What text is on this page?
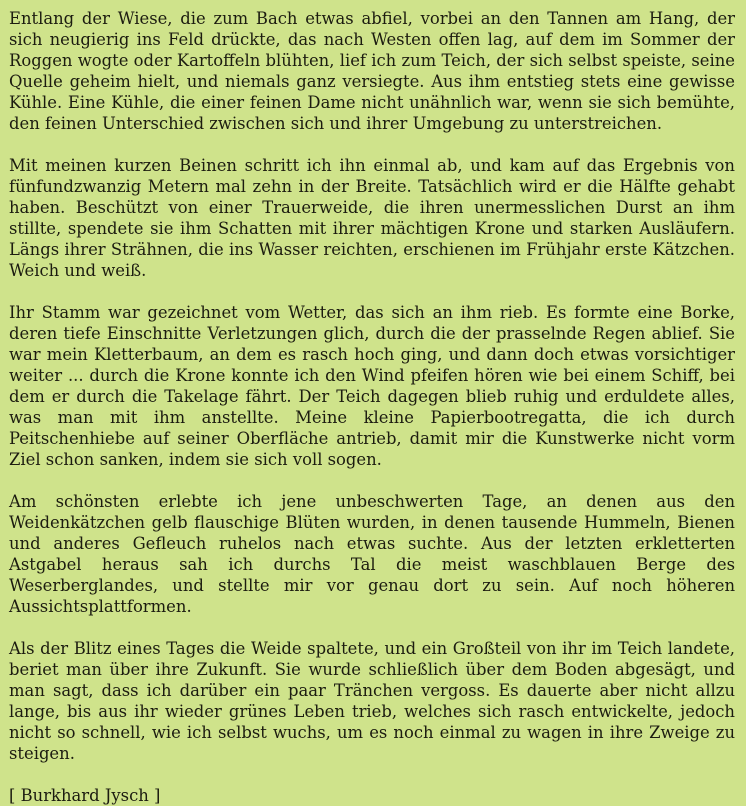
Entlang der Wiese, die zum Bach etwas abfiel, vorbei an den Tannen am Hang, der sich neugierig ins Feld drückte, das nach Westen offen lag, auf dem im Sommer der Roggen wogte oder Kartoffeln blühten, lief ich zum Teich, der sich selbst speiste, seine Quelle geheim hielt, und niemals ganz versiegte. Aus ihm entstieg stets eine gewisse Kühle. Eine Kühle, die einer feinen Dame nicht unähnlich war, wenn sie sich bemühte, den feinen Unterschied zwischen sich und ihrer Umgebung zu unterstreichen.

Mit meinen kurzen Beinen schritt ich ihn einmal ab, und kam auf das Ergebnis von fünfundzwanzig Metern mal zehn in der Breite. Tatsächlich wird er die Hälfte gehabt haben. Beschützt von einer Trauerweide, die ihren unermesslichen Durst an ihm stillte, spendete sie ihm Schatten mit ihrer mächtigen Krone und starken Ausläufern. Längs ihrer Strähnen, die ins Wasser reichten, erschienen im Frühjahr erste Kätzchen. Weich und weiß.

Ihr Stamm war gezeichnet vom Wetter, das sich an ihm rieb. Es formte eine Borke, deren tiefe Einschnitte Verletzungen glich, durch die der prasselnde Regen ablief. Sie war mein Kletterbaum, an dem es rasch hoch ging, und dann doch etwas vorsichtiger weiter ... durch die Krone konnte ich den Wind pfeifen hören wie bei einem Schiff, bei dem er durch die Takelage fährt. Der Teich dagegen blieb ruhig und erduldete alles, was man mit ihm anstellte. Meine kleine Papierbootregatta, die ich durch Peitschenhiebe auf seiner Oberfläche antrieb, damit mir die Kunstwerke nicht vorm Ziel schon sanken, indem sie sich voll sogen.

Am schönsten erlebte ich jene unbeschwerten Tage, an denen aus den Weidenkätzchen gelb flauschige Blüten wurden, in denen tausende Hummeln, Bienen und anderes Gefleuch ruhelos nach etwas suchte. Aus der letzten erkletterten Astgabel heraus sah ich durchs Tal die meist waschblauen Berge des Weserberglandes, und stellte mir vor genau dort zu sein. Auf noch höheren Aussichtsplattformen.

Als der Blitz eines Tages die Weide spaltete, und ein Großteil von ihr im Teich landete, beriet man über ihre Zukunft. Sie wurde schließlich über dem Boden abgesägt, und man sagt, dass ich darüber ein paar Tränchen vergoss. Es dauerte aber nicht allzu lange, bis aus ihr wieder grünes Leben trieb, welches sich rasch entwickelte, jedoch nicht so schnell, wie ich selbst wuchs, um es noch einmal zu wagen in ihre Zweige zu steigen.

[ Burkhard Jysch ]
